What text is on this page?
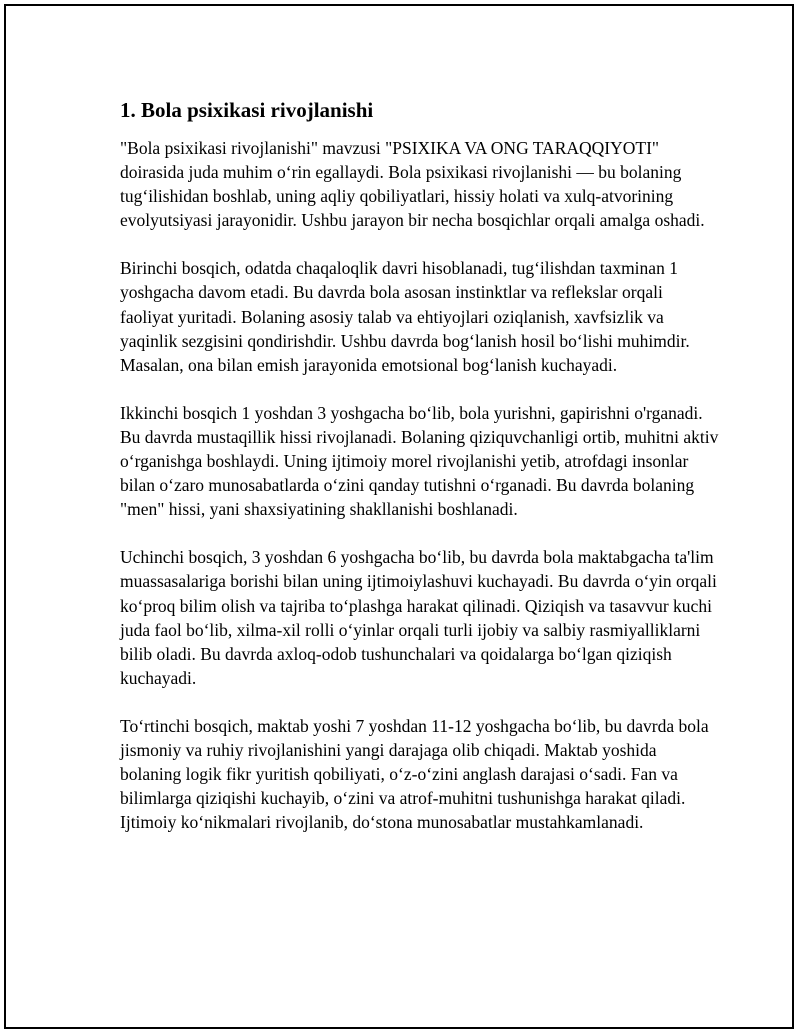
1. Bola psixikasi rivojlanishi

"Bola psixikasi rivojlanishi" mavzusi "PSIXIKA VA ONG TARAQQIYOTI" doirasida juda muhim o‘rin egallaydi. Bola psixikasi rivojlanishi — bu bolaning tug‘ilishidan boshlab, uning aqliy qobiliyatlari, hissiy holati va xulq-atvorining evolyutsiyasi jarayonidir. Ushbu jarayon bir necha bosqichlar orqali amalga oshadi.

Birinchi bosqich, odatda chaqaloqlik davri hisoblanadi, tug‘ilishdan taxminan 1 yoshgacha davom etadi. Bu davrda bola asosan instinktlar va reflekslar orqali faoliyat yuritadi. Bolaning asosiy talab va ehtiyojlari oziqlanish, xavfsizlik va yaqinlik sezgisini qondirishdir. Ushbu davrda bog‘lanish hosil bo‘lishi muhimdir. Masalan, ona bilan emish jarayonida emotsional bog‘lanish kuchayadi.

Ikkinchi bosqich 1 yoshdan 3 yoshgacha bo‘lib, bola yurishni, gapirishni o'rganadi. Bu davrda mustaqillik hissi rivojlanadi. Bolaning qiziquvchanligi ortib, muhitni aktiv o‘rganishga boshlaydi. Uning ijtimoiy morel rivojlanishi yetib, atrofdagi insonlar bilan o‘zaro munosabatlarda o‘zini qanday tutishni o‘rganadi. Bu davrda bolaning "men" hissi, yani shaxsiyatining shakllanishi boshlanadi.

Uchinchi bosqich, 3 yoshdan 6 yoshgacha bo‘lib, bu davrda bola maktabgacha ta'lim muassasalariga borishi bilan uning ijtimoiylashuvi kuchayadi. Bu davrda o‘yin orqali ko‘proq bilim olish va tajriba to‘plashga harakat qilinadi. Qiziqish va tasavvur kuchi juda faol bo‘lib, xilma-xil rolli o‘yinlar orqali turli ijobiy va salbiy rasmiyalliklarni bilib oladi. Bu davrda axloq-odob tushunchalari va qoidalarga bo‘lgan qiziqish kuchayadi.

To‘rtinchi bosqich, maktab yoshi 7 yoshdan 11-12 yoshgacha bo‘lib, bu davrda bola jismoniy va ruhiy rivojlanishini yangi darajaga olib chiqadi. Maktab yoshida bolaning logik fikr yuritish qobiliyati, o‘z-o‘zini anglash darajasi o‘sadi. Fan va bilimlarga qiziqishi kuchayib, o‘zini va atrof-muhitni tushunishga harakat qiladi. Ijtimoiy ko‘nikmalari rivojlanib, do‘stona munosabatlar mustahkamlanadi.
